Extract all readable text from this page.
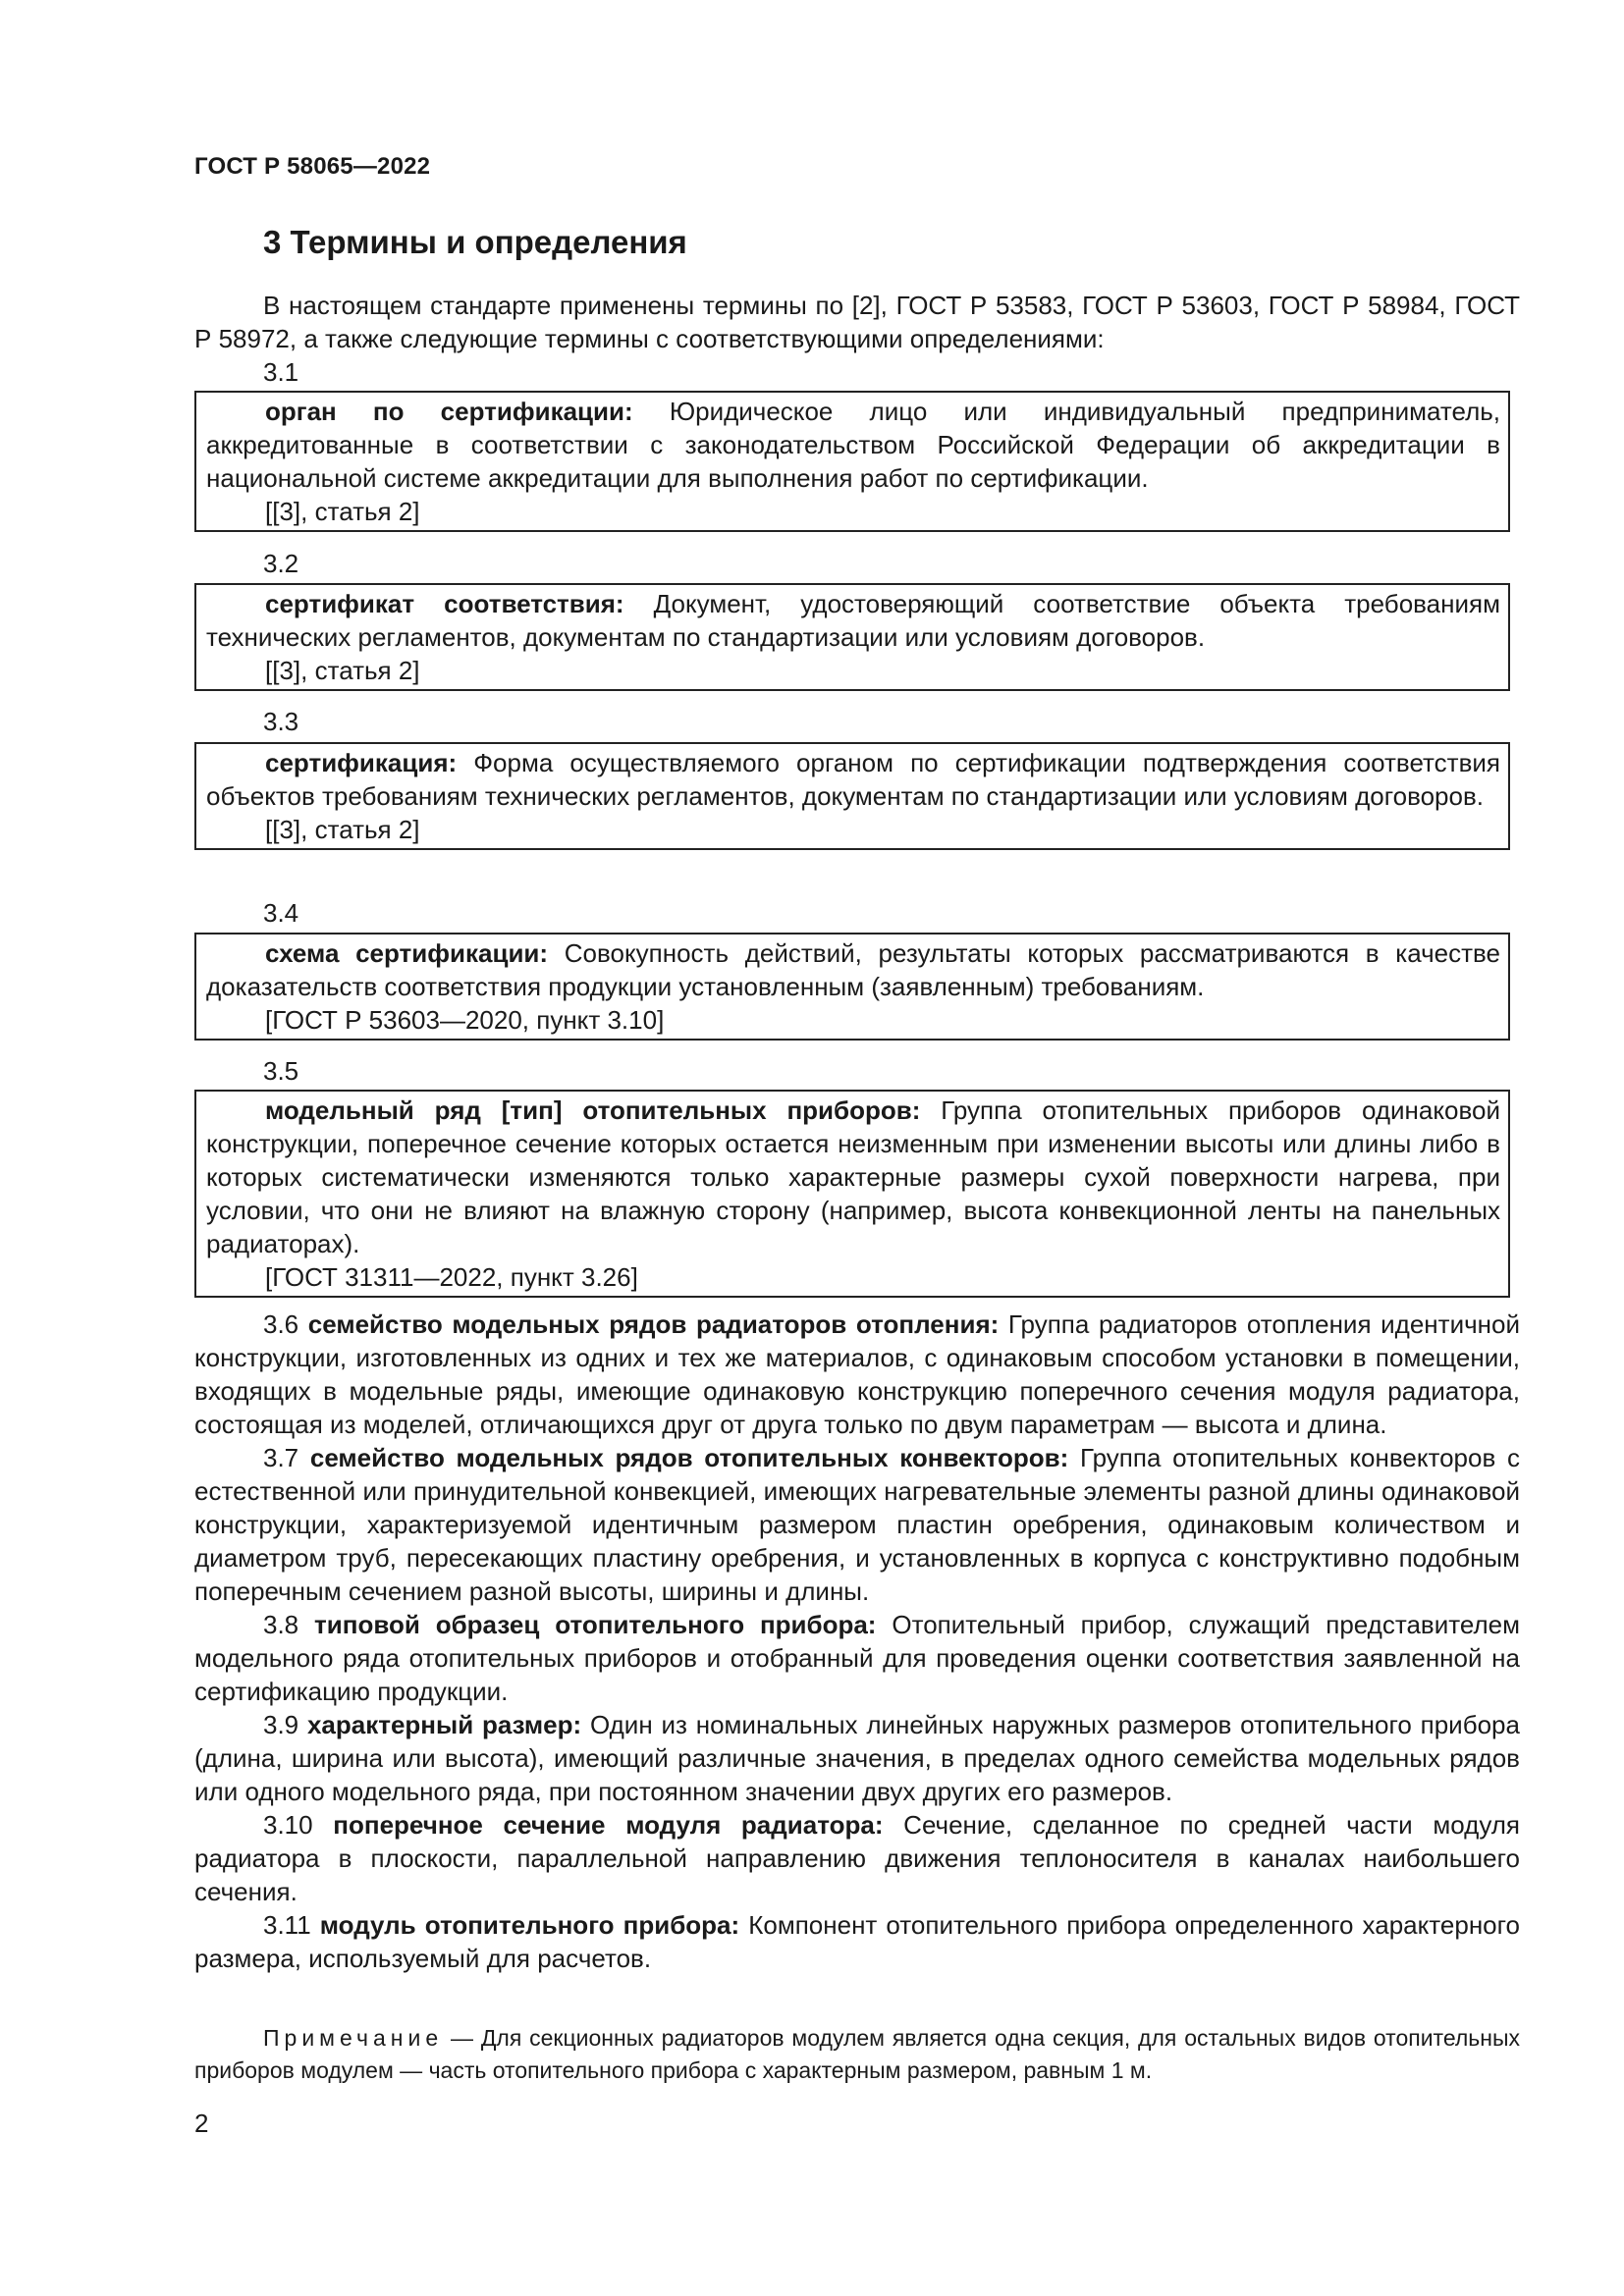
ГОСТ Р 58065—2022
3 Термины и определения

В настоящем стандарте применены термины по [2], ГОСТ Р 53583, ГОСТ Р 53603, ГОСТ Р 58984, ГОСТ Р 58972, а также следующие термины с соответствующими определениями:

3.1

орган по сертификации: Юридическое лицо или индивидуальный предприниматель, аккредитованные в соответствии с законодательством Российской Федерации об аккредитации в национальной системе аккредитации для выполнения работ по сертификации.

[[3], статья 2]

3.2

сертификат соответствия: Документ, удостоверяющий соответствие объекта требованиям технических регламентов, документам по стандартизации или условиям договоров.

[[3], статья 2]

3.3

сертификация: Форма осуществляемого органом по сертификации подтверждения соответствия объектов требованиям технических регламентов, документам по стандартизации или условиям договоров.

[[3], статья 2]

3.4

схема сертификации: Совокупность действий, результаты которых рассматриваются в качестве доказательств соответствия продукции установленным (заявленным) требованиям.

[ГОСТ Р 53603—2020, пункт 3.10]

3.5

модельный ряд [тип] отопительных приборов: Группа отопительных приборов одинаковой конструкции, поперечное сечение которых остается неизменным при изменении высоты или длины либо в которых систематически изменяются только характерные размеры сухой поверхности нагрева, при условии, что они не влияют на влажную сторону (например, высота конвекционной ленты на панельных радиаторах).

[ГОСТ 31311—2022, пункт 3.26]

3.6 семейство модельных рядов радиаторов отопления: Группа радиаторов отопления идентичной конструкции, изготовленных из одних и тех же материалов, с одинаковым способом установки в помещении, входящих в модельные ряды, имеющие одинаковую конструкцию поперечного сечения модуля радиатора, состоящая из моделей, отличающихся друг от друга только по двум параметрам — высота и длина.

3.7 семейство модельных рядов отопительных конвекторов: Группа отопительных конвекторов с естественной или принудительной конвекцией, имеющих нагревательные элементы разной длины одинаковой конструкции, характеризуемой идентичным размером пластин оребрения, одинаковым количеством и диаметром труб, пересекающих пластину оребрения, и установленных в корпуса с конструктивно подобным поперечным сечением разной высоты, ширины и длины.

3.8 типовой образец отопительного прибора: Отопительный прибор, служащий представителем модельного ряда отопительных приборов и отобранный для проведения оценки соответствия заявленной на сертификацию продукции.

3.9 характерный размер: Один из номинальных линейных наружных размеров отопительного прибора (длина, ширина или высота), имеющий различные значения, в пределах одного семейства модельных рядов или одного модельного ряда, при постоянном значении двух других его размеров.

3.10 поперечное сечение модуля радиатора: Сечение, сделанное по средней части модуля радиатора в плоскости, параллельной направлению движения теплоносителя в каналах наибольшего сечения.

3.11 модуль отопительного прибора: Компонент отопительного прибора определенного характерного размера, используемый для расчетов.

Примечание — Для секционных радиаторов модулем является одна секция, для остальных видов отопительных приборов модулем — часть отопительного прибора с характерным размером, равным 1 м.
2
